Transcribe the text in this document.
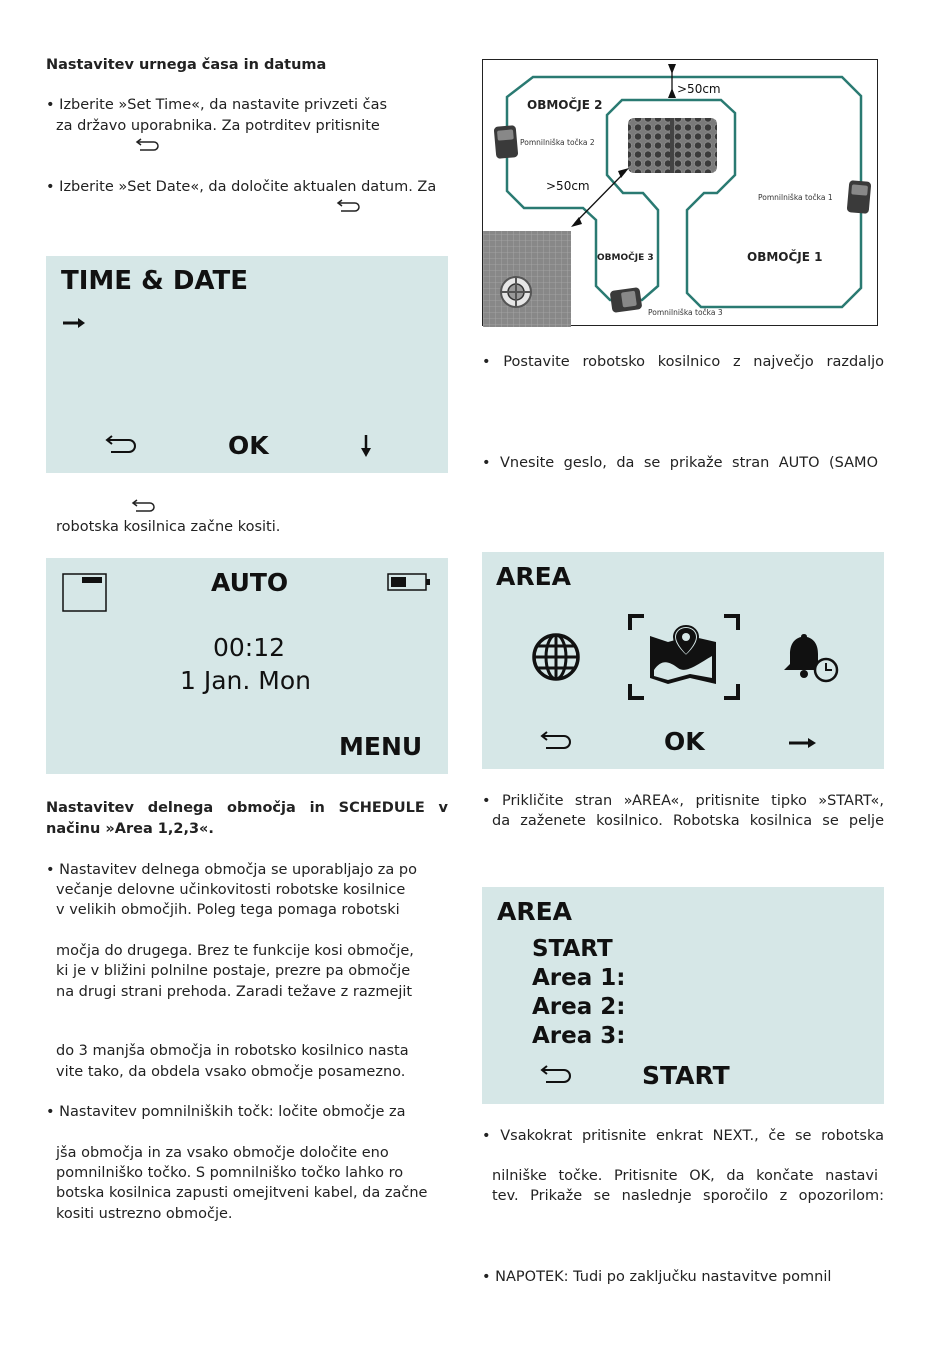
Nastavitev urnega časa in datuma
• Izberite »Set Time«, da nastavite privzeti čas
za državo uporabnika. Za potrditev pritisnite
• Izberite »Set Date«, da določite aktualen datum. Za
TIME & DATE
OK
robotska kosilnica začne kositi.
AUTO
00:12
1 Jan. Mon
MENU
Nastavitev delnega območja in SCHEDULE v
načinu »Area 1,2,3«.
• Nastavitev delnega območja se uporabljajo za po
večanje delovne učinkovitosti robotske kosilnice
v velikih območjih. Poleg tega pomaga robotski
močja do drugega. Brez te funkcije kosi območje,
ki je v bližini polnilne postaje, prezre pa območje
na drugi strani prehoda. Zaradi težave z razmejit
do 3 manjša območja in robotsko kosilnico nasta
vite tako, da obdela vsako območje posamezno.
• Nastavitev pomnilniških točk: ločite območje za
jša območja in za vsako območje določite eno
pomnilniško točko. S pomnilniško točko lahko ro
botska kosilnica zapusti omejitveni kabel, da začne
kositi ustrezno območje.
OBMOČJE 2
OBMOČJE 1
OBMOČJE 3
Pomnilniška točka 2
Pomnilniška točka 1
Pomnilniška točka 3
>50cm
>50cm
• Postavite robotsko kosilnico z največjo razdaljo
• Vnesite geslo, da se prikaže stran AUTO (SAMO
AREA
OK
• Prikličite stran »AREA«, pritisnite tipko »START«,
da zaženete kosilnico. Robotska kosilnica se pelje
AREA
START
Area 1:
Area 2:
Area 3:
START
• Vsakokrat pritisnite enkrat NEXT., če se robotska
nilniške točke. Pritisnite OK, da končate nastavi
tev. Prikaže se naslednje sporočilo z opozorilom:
• NAPOTEK: Tudi po zaključku nastavitve pomnil
